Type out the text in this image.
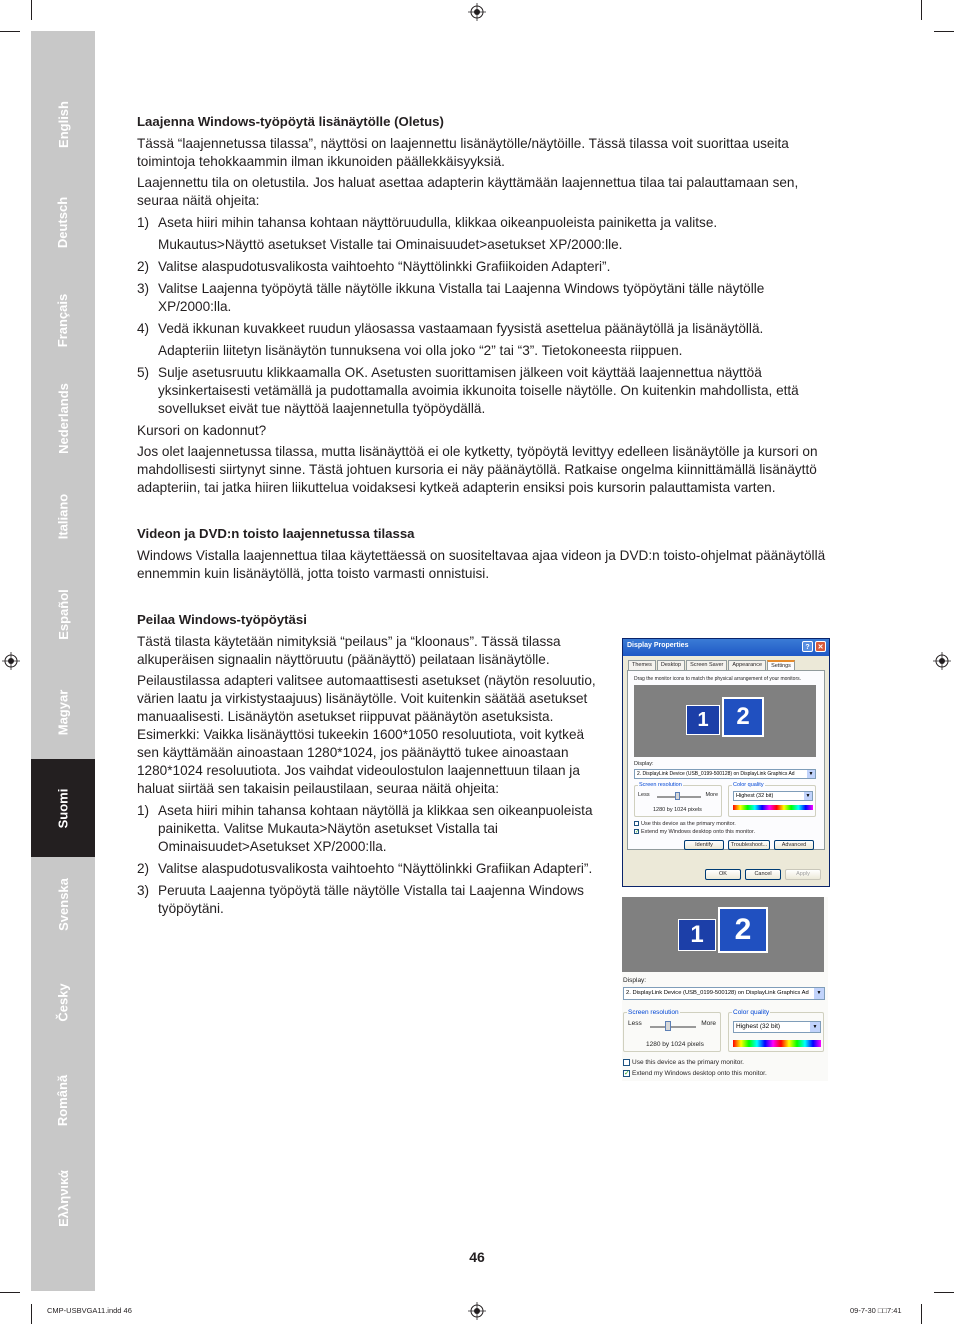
English
Deutsch
Français
Nederlands
Italiano
Español
Magyar
Suomi
Svenska
Česky
Română
Ελληνικά
Laajenna Windows-työpöytä lisänäytölle (Oletus)

Tässä “laajennetussa tilassa”, näyttösi on laajennettu lisänäytölle/näytöille. Tässä tilassa voit suorittaa useita toimintoja tehokkaammin ilman ikkunoiden päällekkäisyyksiä.

Laajennettu tila on oletustila. Jos haluat asettaa adapterin käyttämään laajennettua tilaa tai palauttamaan sen, seuraa näitä ohjeita:

1) Aseta hiiri mihin tahansa kohtaan näyttöruudulla, klikkaa oikeanpuoleista painiketta ja valitse.
Mukautus>Näyttö asetukset Vistalle tai Ominaisuudet>asetukset XP/2000:lle.
2) Valitse alaspudotusvalikosta vaihtoehto “Näyttölinkki Grafiikoiden Adapteri”.
3) Valitse Laajenna työpöytä tälle näytölle ikkuna Vistalla tai Laajenna Windows työpöytäni tälle näytölle XP/2000:lla.
4) Vedä ikkunan kuvakkeet ruudun yläosassa vastaamaan fyysistä asettelua päänäytöllä ja lisänäytöllä.
Adapteriin liitetyn lisänäytön tunnuksena voi olla joko “2” tai “3”. Tietokoneesta riippuen.
5) Sulje asetusruutu klikkaamalla OK. Asetusten suorittamisen jälkeen voit käyttää laajennettua näyttöä yksinkertaisesti vetämällä ja pudottamalla avoimia ikkunoita toiselle näytölle. On kuitenkin mahdollista, että sovellukset eivät tue näyttöä laajennetulla työpöydällä.

Kursori on kadonnut?

Jos olet laajennetussa tilassa, mutta lisänäyttöä ei ole kytketty, työpöytä levittyy edelleen lisänäytölle ja kursori on mahdollisesti siirtynyt sinne. Tästä johtuen kursoria ei näy päänäytöllä. Ratkaise ongelma kiinnittämällä lisänäyttö adapteriin, tai jatka hiiren liikuttelua voidaksesi kytkeä adapterin ensiksi pois kursorin palauttamista varten.

Videon ja DVD:n toisto laajennetussa tilassa

Windows Vistalla laajennettua tilaa käytettäessä on suositeltavaa ajaa videon ja DVD:n toisto-ohjelmat päänäytöllä ennemmin kuin lisänäytöllä, jotta toisto varmasti onnistuisi.

Peilaa Windows-työpöytäsi

Tästä tilasta käytetään nimityksiä “peilaus” ja “kloonaus”. Tässä tilassa alkuperäisen signaalin näyttöruutu (päänäyttö) peilataan lisänäytölle.

Peilaustilassa adapteri valitsee automaattisesti asetukset (näytön resoluutio, värien laatu ja virkistystaajuus) lisänäytölle. Voit kuitenkin säätää asetukset manuaalisesti. Lisänäytön asetukset riippuvat päänäytön asetuksista. Esimerkki: Vaikka lisänäyttösi tukeekin 1600*1050 resoluutiota, voit kytkeä sen käyttämään ainoastaan 1280*1024, jos päänäyttö tukee ainoastaan 1280*1024 resoluutiota. Jos vaihdat videoulostulon laajennettuun tilaan ja haluat siirtää sen takaisin peilaustilaan, seuraa näitä ohjeita:

1) Aseta hiiri mihin tahansa kohtaan näytöllä ja klikkaa sen oikeanpuoleista painiketta. Valitse Mukauta>Näytön asetukset Vistalla tai Ominaisuudet>Asetukset XP/2000:lla.
2) Valitse alaspudotusvalikosta vaihtoehto “Näyttölinkki Grafiikan Adapteri”.
3) Peruuta Laajenna työpöytä tälle näytölle Vistalla tai Laajenna Windows työpöytäni.
Display Properties	?	✕
Themes	Desktop	Screen Saver	Appearance	Settings
Drag the monitor icons to match the physical arrangement of your monitors.
1	2
Display:
2. DisplayLink Device (USB_0199-500128) on DisplayLink Graphics Ad	▼
Screen resolution
Less	More
1280 by 1024 pixels
Color quality
Highest (32 bit)	▼
Use this device as the primary monitor.
✓ Extend my Windows desktop onto this monitor.
Identify	Troubleshoot...	Advanced
OK	Cancel	Apply
1	2
Display:
2. DisplayLink Device (USB_0199-500128) on DisplayLink Graphics Ad	▼
Screen resolution
Less	More
1280 by 1024 pixels
Color quality
Highest (32 bit)	▼
Use this device as the primary monitor.
✓ Extend my Windows desktop onto this monitor.
46
CMP-USBVGA11.indd 46	09-7-30 □□7:41
